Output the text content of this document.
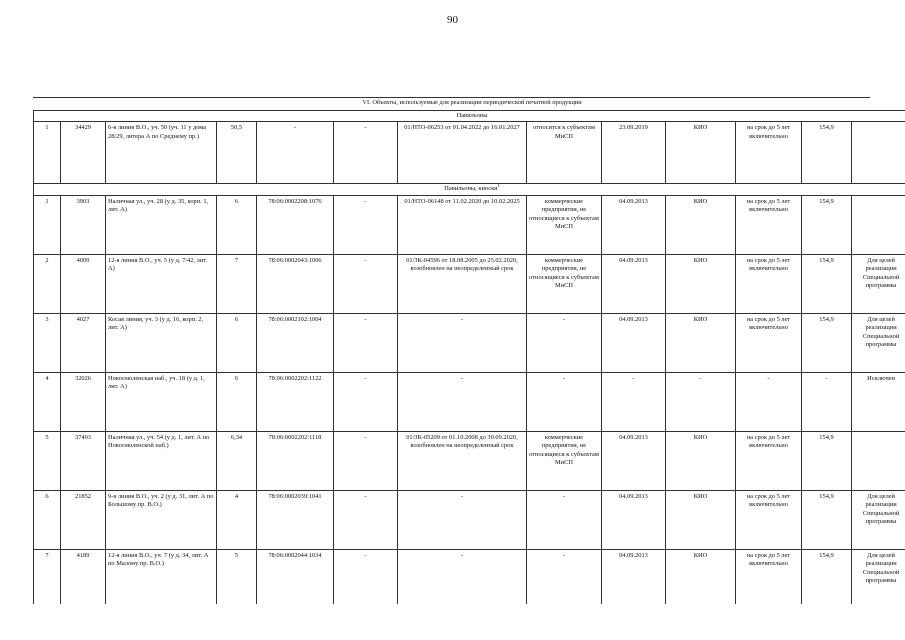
90
VI. Объекты, используемые для реализации периодической печатной продукции												
Павильоны												
1	34429	6-я линия В.О., уч. 50 (уч. 11 у дома 28/29, литера А по Среднему пр.)	50,5	-	-	01/НТО-06253 от 01.04.2022 до 16.01.2027	относится к субъектам МиСП	23.09.2019	КИО	на срок до 5 лет включительно	154,9	
Павильоны, киоски$^1$
1	3903	Наличная ул., уч. 28 (у д. 35, корп. 1, лит. А)	6	78:06:0002208:1076	-	01/НТО-06148 от 11.02.2020 до 10.02.2025	коммерческие предприятия, не относящиеся к субъектам МиСП	04.09.2013	КИО	на срок до 5 лет включительно	154,9	
2	4009	12-я линия В.О., уч. 5 (у д. 7/42, лит. А)	7	78:06:0002043:1006	-	01/ЗК-04596 от 18.08.2005 до 25.02.2020, возобновлен на неопределенный срок	коммерческие предприятия, не относящиеся к субъектам МиСП	04.09.2013	КИО	на срок до 5 лет включительно	154,9	Для целей реализации Специальной программы
3	4027	Косая линия, уч. 3 (у д. 16, корп. 2, лит. А)	6	78:06:0002102:1004	-	-	-	04.09.2013	КИО	на срок до 5 лет включительно	154,9	Для целей реализации Специальной программы
4	32026	Новосмоленская наб., уч. 18 (у д. 1, лит. А)	6	78:06:0002202:1122	-	-	-	-	-	-	-	Исключен
5	37403	Наличная ул., уч. 54 (у д. 1, лит. А по Новосмоленской наб.)	6,34	78:06:0002202:1118	-	01/ЗК-05209 от 01.10.2008 до 30.09.2020, возобновлен на неопределенный срок	коммерческие предприятия, не относящиеся к субъектам МиСП	04.09.2013	КИО	на срок до 5 лет включительно	154,9	
6	21852	9-я линия В.О., уч. 2 (у д. 31, лит. А по Большому пр. В.О.)	4	78:06:0002039:1041	-	-	-	04.09.2013	КИО	на срок до 5 лет включительно	154,9	Для целей реализации Специальной программы
7	4189	12-я линия В.О., уч. 7 (у д. 34, лит. А по Малому пр. В.О.)	5	78:06:0002044:1034	-	-	-	04.09.2013	КИО	на срок до 5 лет включительно	154,9	Для целей реализации Специальной программы
